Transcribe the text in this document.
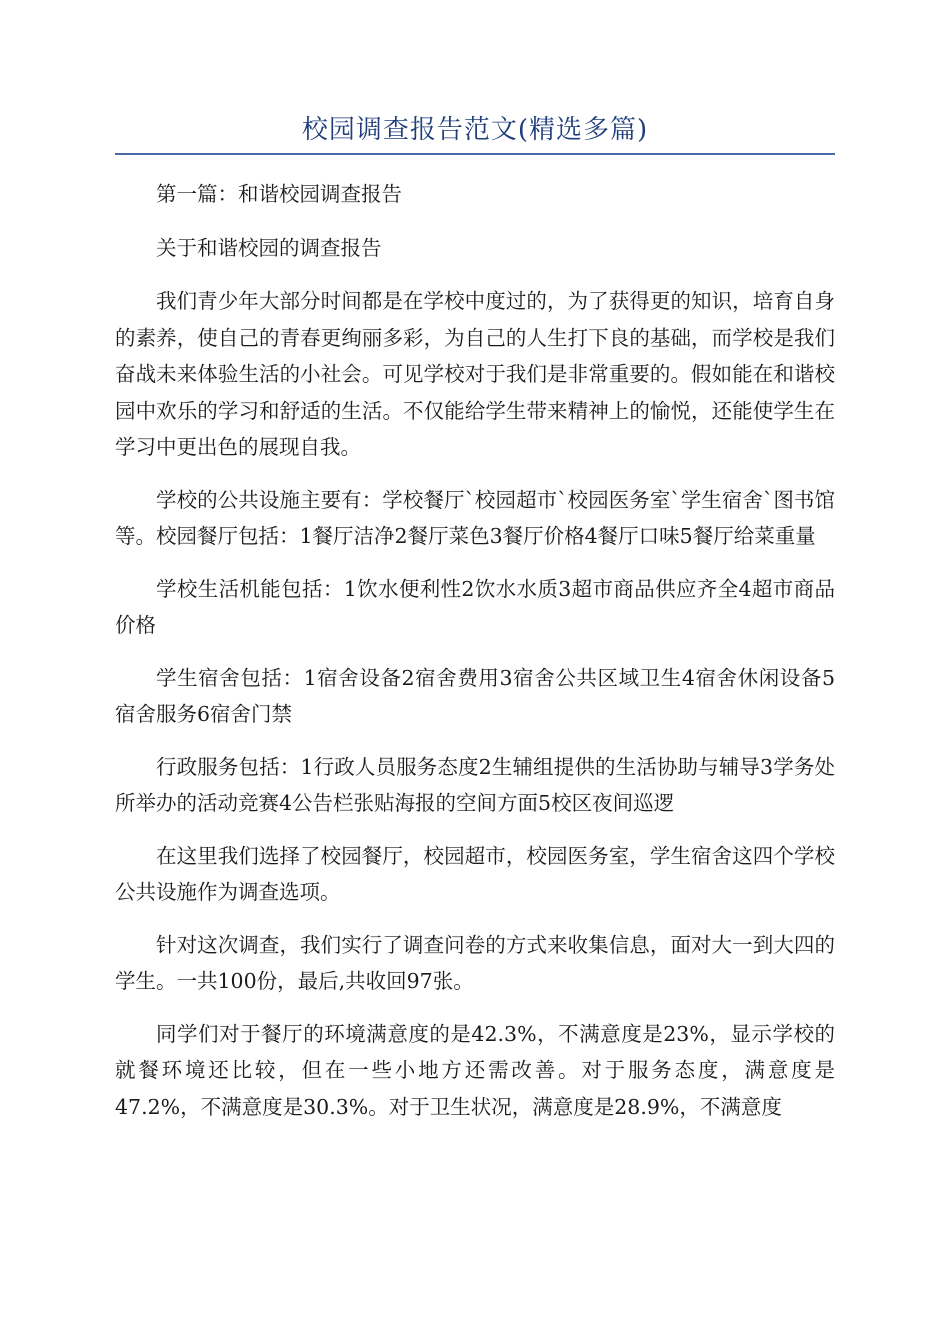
校园调查报告范文(精选多篇)

第一篇：和谐校园调查报告

关于和谐校园的调查报告

我们青少年大部分时间都是在学校中度过的，为了获得更的知识，培育自身的素养，使自己的青春更绚丽多彩，为自己的人生打下良的基础，而学校是我们奋战未来体验生活的小社会。可见学校对于我们是非常重要的。假如能在和谐校园中欢乐的学习和舒适的生活。不仅能给学生带来精神上的愉悦，还能使学生在学习中更出色的展现自我。

学校的公共设施主要有：学校餐厅`校园超市`校园医务室`学生宿舍`图书馆等。校园餐厅包括：1餐厅洁净2餐厅菜色3餐厅价格4餐厅口味5餐厅给菜重量

学校生活机能包括：1饮水便利性2饮水水质3超市商品供应齐全4超市商品价格

学生宿舍包括：1宿舍设备2宿舍费用3宿舍公共区域卫生4宿舍休闲设备5宿舍服务6宿舍门禁

行政服务包括：1行政人员服务态度2生辅组提供的生活协助与辅导3学务处所举办的活动竞赛4公告栏张贴海报的空间方面5校区夜间巡逻

在这里我们选择了校园餐厅，校园超市，校园医务室，学生宿舍这四个学校公共设施作为调查选项。

针对这次调查，我们实行了调查问卷的方式来收集信息，面对大一到大四的学生。一共100份，最后,共收回97张。

同学们对于餐厅的环境满意度的是42.3%，不满意度是23%，显示学校的就餐环境还比较，但在一些小地方还需改善。对于服务态度，满意度是47.2%，不满意度是30.3%。对于卫生状况，满意度是28.9%，不满意度
